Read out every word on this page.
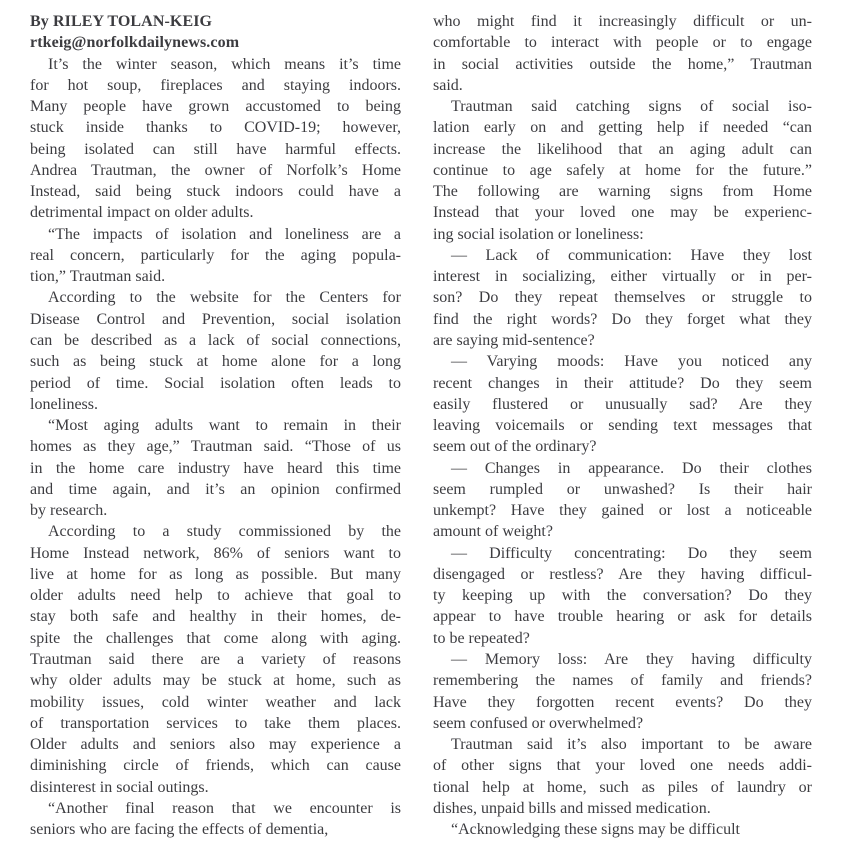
By RILEY TOLAN-KEIG
rtkeig@norfolkdailynews.com
It’s the winter season, which means it’s time
for hot soup, fireplaces and staying indoors.
Many people have grown accustomed to being
stuck inside thanks to COVID-19; however,
being isolated can still have harmful effects.
Andrea Trautman, the owner of Norfolk’s Home
Instead, said being stuck indoors could have a
detrimental impact on older adults.
“The impacts of isolation and loneliness are a
real concern, particularly for the aging popula-
tion,” Trautman said.
According to the website for the Centers for
Disease Control and Prevention, social isolation
can be described as a lack of social connections,
such as being stuck at home alone for a long
period of time. Social isolation often leads to
loneliness.
“Most aging adults want to remain in their
homes as they age,” Trautman said. “Those of us
in the home care industry have heard this time
and time again, and it’s an opinion confirmed
by research.
According to a study commissioned by the
Home Instead network, 86% of seniors want to
live at home for as long as possible. But many
older adults need help to achieve that goal to
stay both safe and healthy in their homes, de-
spite the challenges that come along with aging.
Trautman said there are a variety of reasons
why older adults may be stuck at home, such as
mobility issues, cold winter weather and lack
of transportation services to take them places.
Older adults and seniors also may experience a
diminishing circle of friends, which can cause
disinterest in social outings.
“Another final reason that we encounter is
seniors who are facing the effects of dementia,
who might find it increasingly difficult or un-
comfortable to interact with people or to engage
in social activities outside the home,” Trautman
said.
Trautman said catching signs of social iso-
lation early on and getting help if needed “can
increase the likelihood that an aging adult can
continue to age safely at home for the future.”
The following are warning signs from Home
Instead that your loved one may be experienc-
ing social isolation or loneliness:
— Lack of communication: Have they lost
interest in socializing, either virtually or in per-
son? Do they repeat themselves or struggle to
find the right words? Do they forget what they
are saying mid-sentence?
— Varying moods: Have you noticed any
recent changes in their attitude? Do they seem
easily flustered or unusually sad? Are they
leaving voicemails or sending text messages that
seem out of the ordinary?
— Changes in appearance. Do their clothes
seem rumpled or unwashed? Is their hair
unkempt? Have they gained or lost a noticeable
amount of weight?
— Difficulty concentrating: Do they seem
disengaged or restless? Are they having difficul-
ty keeping up with the conversation? Do they
appear to have trouble hearing or ask for details
to be repeated?
— Memory loss: Are they having difficulty
remembering the names of family and friends?
Have they forgotten recent events? Do they
seem confused or overwhelmed?
Trautman said it’s also important to be aware
of other signs that your loved one needs addi-
tional help at home, such as piles of laundry or
dishes, unpaid bills and missed medication.
“Acknowledging these signs may be difficult
